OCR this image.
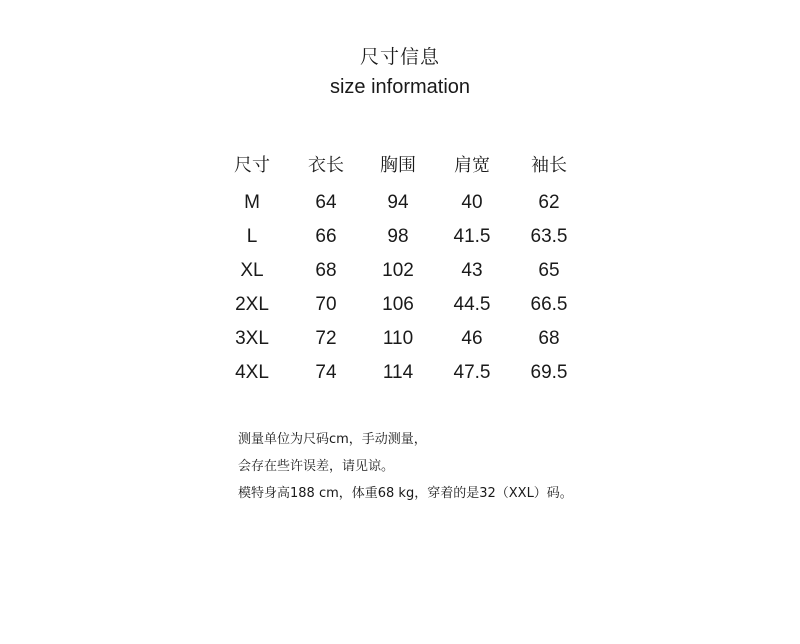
尺寸信息
size information
尺寸	衣长	胸围	肩宽	袖长
M	64	94	40	62
L	66	98	41.5	63.5
XL	68	102	43	65
2XL	70	106	44.5	66.5
3XL	72	110	46	68
4XL	74	114	47.5	69.5
测量单位为尺码cm，手动测量，
会存在些许误差，请见谅。
模特身高188 cm，体重68 kg，穿着的是32（XXL）码。
